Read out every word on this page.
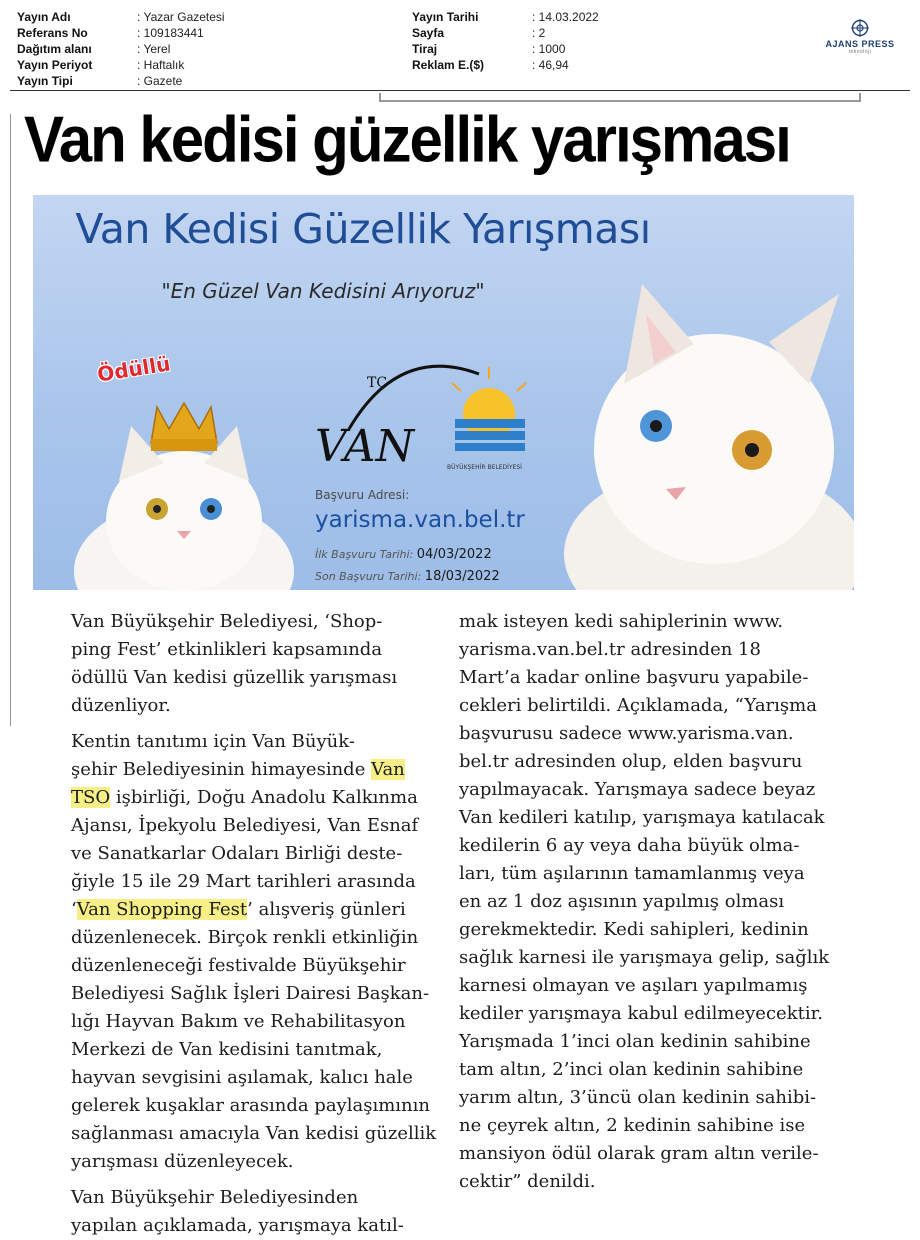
Yayın Adı	: Yazar Gazetesi
Referans No	: 109183441
Dağıtım alanı	: Yerel
Yayın Periyot	: Haftalık
Yayın Tipi	: Gazete
Yayın Tarihi	: 14.03.2022
Sayfa	: 2
Tiraj	: 1000
Reklam E.($)	: 46,94
AJANS PRESS
teknoloji
Van kedisi güzellik yarışması
Van Kedisi Güzellik Yarışması
"En Güzel Van Kedisini Arıyoruz"
Ödüllü	TC
VAN	BÜYÜKŞEHİR BELEDİYESİ
Başvuru Adresi:
yarisma.van.bel.tr
İlk Başvuru Tarihi: 04/03/2022
Son Başvuru Tarihi: 18/03/2022

Van Büyükşehir Belediyesi, ‘Shop-
ping Fest’ etkinlikleri kapsamında
ödüllü Van kedisi güzellik yarışması
düzenliyor.

Kentin tanıtımı için Van Büyük-
şehir Belediyesinin himayesinde Van
TSO işbirliği, Doğu Anadolu Kalkınma
Ajansı, İpekyolu Belediyesi, Van Esnaf
ve Sanatkarlar Odaları Birliği deste-
ğiyle 15 ile 29 Mart tarihleri arasında
‘Van Shopping Fest’ alışveriş günleri
düzenlenecek. Birçok renkli etkinliğin
düzenleneceği festivalde Büyükşehir
Belediyesi Sağlık İşleri Dairesi Başkan-
lığı Hayvan Bakım ve Rehabilitasyon
Merkezi de Van kedisini tanıtmak,
hayvan sevgisini aşılamak, kalıcı hale
gelerek kuşaklar arasında paylaşımının
sağlanması amacıyla Van kedisi güzellik
yarışması düzenleyecek.

Van Büyükşehir Belediyesinden
yapılan açıklamada, yarışmaya katıl-

mak isteyen kedi sahiplerinin www.
yarisma.van.bel.tr adresinden 18
Mart’a kadar online başvuru yapabile-
cekleri belirtildi. Açıklamada, “Yarışma
başvurusu sadece www.yarisma.van.
bel.tr adresinden olup, elden başvuru
yapılmayacak. Yarışmaya sadece beyaz
Van kedileri katılıp, yarışmaya katılacak
kedilerin 6 ay veya daha büyük olma-
ları, tüm aşılarının tamamlanmış veya
en az 1 doz aşısının yapılmış olması
gerekmektedir. Kedi sahipleri, kedinin
sağlık karnesi ile yarışmaya gelip, sağlık
karnesi olmayan ve aşıları yapılmamış
kediler yarışmaya kabul edilmeyecektir.
Yarışmada 1’inci olan kedinin sahibine
tam altın, 2’inci olan kedinin sahibine
yarım altın, 3’üncü olan kedinin sahibi-
ne çeyrek altın, 2 kedinin sahibine ise
mansiyon ödül olarak gram altın verile-
cektir” denildi.
